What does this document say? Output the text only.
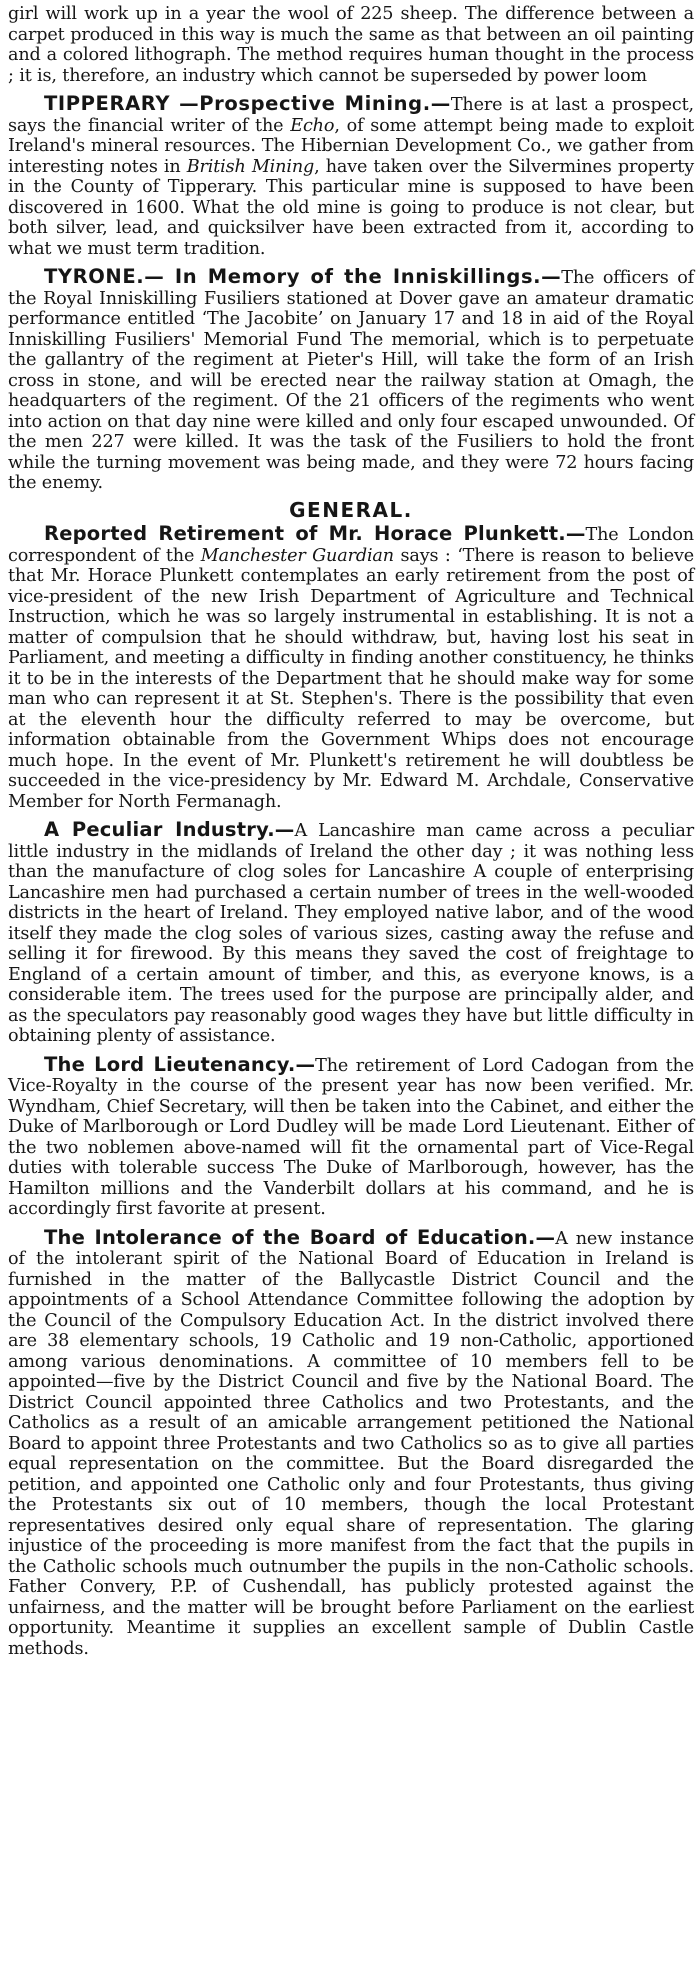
girl will work up in a year the wool of 225 sheep. The difference between a carpet produced in this way is much the same as that between an oil painting and a colored lithograph. The method requires human thought in the process ; it is, therefore, an industry which cannot be superseded by power loom

TIPPERARY —Prospective Mining.—There is at last a prospect, says the financial writer of the Echo, of some attempt being made to exploit Ireland's mineral resources. The Hibernian Development Co., we gather from interesting notes in British Mining, have taken over the Silvermines property in the County of Tipperary. This particular mine is supposed to have been discovered in 1600. What the old mine is going to produce is not clear, but both silver, lead, and quicksilver have been extracted from it, according to what we must term tradition.

TYRONE.— In Memory of the Inniskillings.—The officers of the Royal Inniskilling Fusiliers stationed at Dover gave an amateur dramatic performance entitled ‘The Jacobite’ on January 17 and 18 in aid of the Royal Inniskilling Fusiliers' Memorial Fund The memorial, which is to perpetuate the gallantry of the regiment at Pieter's Hill, will take the form of an Irish cross in stone, and will be erected near the railway station at Omagh, the headquarters of the regiment. Of the 21 officers of the regiments who went into action on that day nine were killed and only four escaped unwounded. Of the men 227 were killed. It was the task of the Fusiliers to hold the front while the turning movement was being made, and they were 72 hours facing the enemy.

GENERAL.

Reported Retirement of Mr. Horace Plunkett.—The London correspondent of the Manchester Guardian says : ‘There is reason to believe that Mr. Horace Plunkett contemplates an early retirement from the post of vice-president of the new Irish Department of Agriculture and Technical Instruction, which he was so largely instrumental in establishing. It is not a matter of compulsion that he should withdraw, but, having lost his seat in Parliament, and meeting a difficulty in finding another constituency, he thinks it to be in the interests of the Department that he should make way for some man who can represent it at St. Stephen's. There is the possibility that even at the eleventh hour the difficulty referred to may be overcome, but information obtainable from the Government Whips does not encourage much hope. In the event of Mr. Plunkett's retirement he will doubtless be succeeded in the vice-presidency by Mr. Edward M. Archdale, Conservative Member for North Fermanagh.

A Peculiar Industry.—A Lancashire man came across a peculiar little industry in the midlands of Ireland the other day ; it was nothing less than the manufacture of clog soles for Lancashire A couple of enterprising Lancashire men had purchased a certain number of trees in the well-wooded districts in the heart of Ireland. They employed native labor, and of the wood itself they made the clog soles of various sizes, casting away the refuse and selling it for firewood. By this means they saved the cost of freightage to England of a certain amount of timber, and this, as everyone knows, is a considerable item. The trees used for the purpose are principally alder, and as the speculators pay reasonably good wages they have but little difficulty in obtaining plenty of assistance.

The Lord Lieutenancy.—The retirement of Lord Cadogan from the Vice-Royalty in the course of the present year has now been verified. Mr. Wyndham, Chief Secretary, will then be taken into the Cabinet, and either the Duke of Marlborough or Lord Dudley will be made Lord Lieutenant. Either of the two noblemen above-named will fit the ornamental part of Vice-Regal duties with tolerable success The Duke of Marlborough, however, has the Hamilton millions and the Vanderbilt dollars at his command, and he is accordingly first favorite at present.

The Intolerance of the Board of Education.—A new instance of the intolerant spirit of the National Board of Education in Ireland is furnished in the matter of the Ballycastle District Council and the appointments of a School Attendance Committee following the adoption by the Council of the Compulsory Education Act. In the district involved there are 38 elementary schools, 19 Catholic and 19 non-Catholic, apportioned among various denominations. A committee of 10 members fell to be appointed—five by the District Council and five by the National Board. The District Council appointed three Catholics and two Protestants, and the Catholics as a result of an amicable arrangement petitioned the National Board to appoint three Protestants and two Catholics so as to give all parties equal representation on the committee. But the Board disregarded the petition, and appointed one Catholic only and four Protestants, thus giving the Protestants six out of 10 members, though the local Protestant representatives desired only equal share of representation. The glaring injustice of the proceeding is more manifest from the fact that the pupils in the Catholic schools much outnumber the pupils in the non-Catholic schools. Father Convery, P.P. of Cushendall, has publicly protested against the unfairness, and the matter will be brought before Parliament on the earliest opportunity. Meantime it supplies an excellent sample of Dublin Castle methods.
